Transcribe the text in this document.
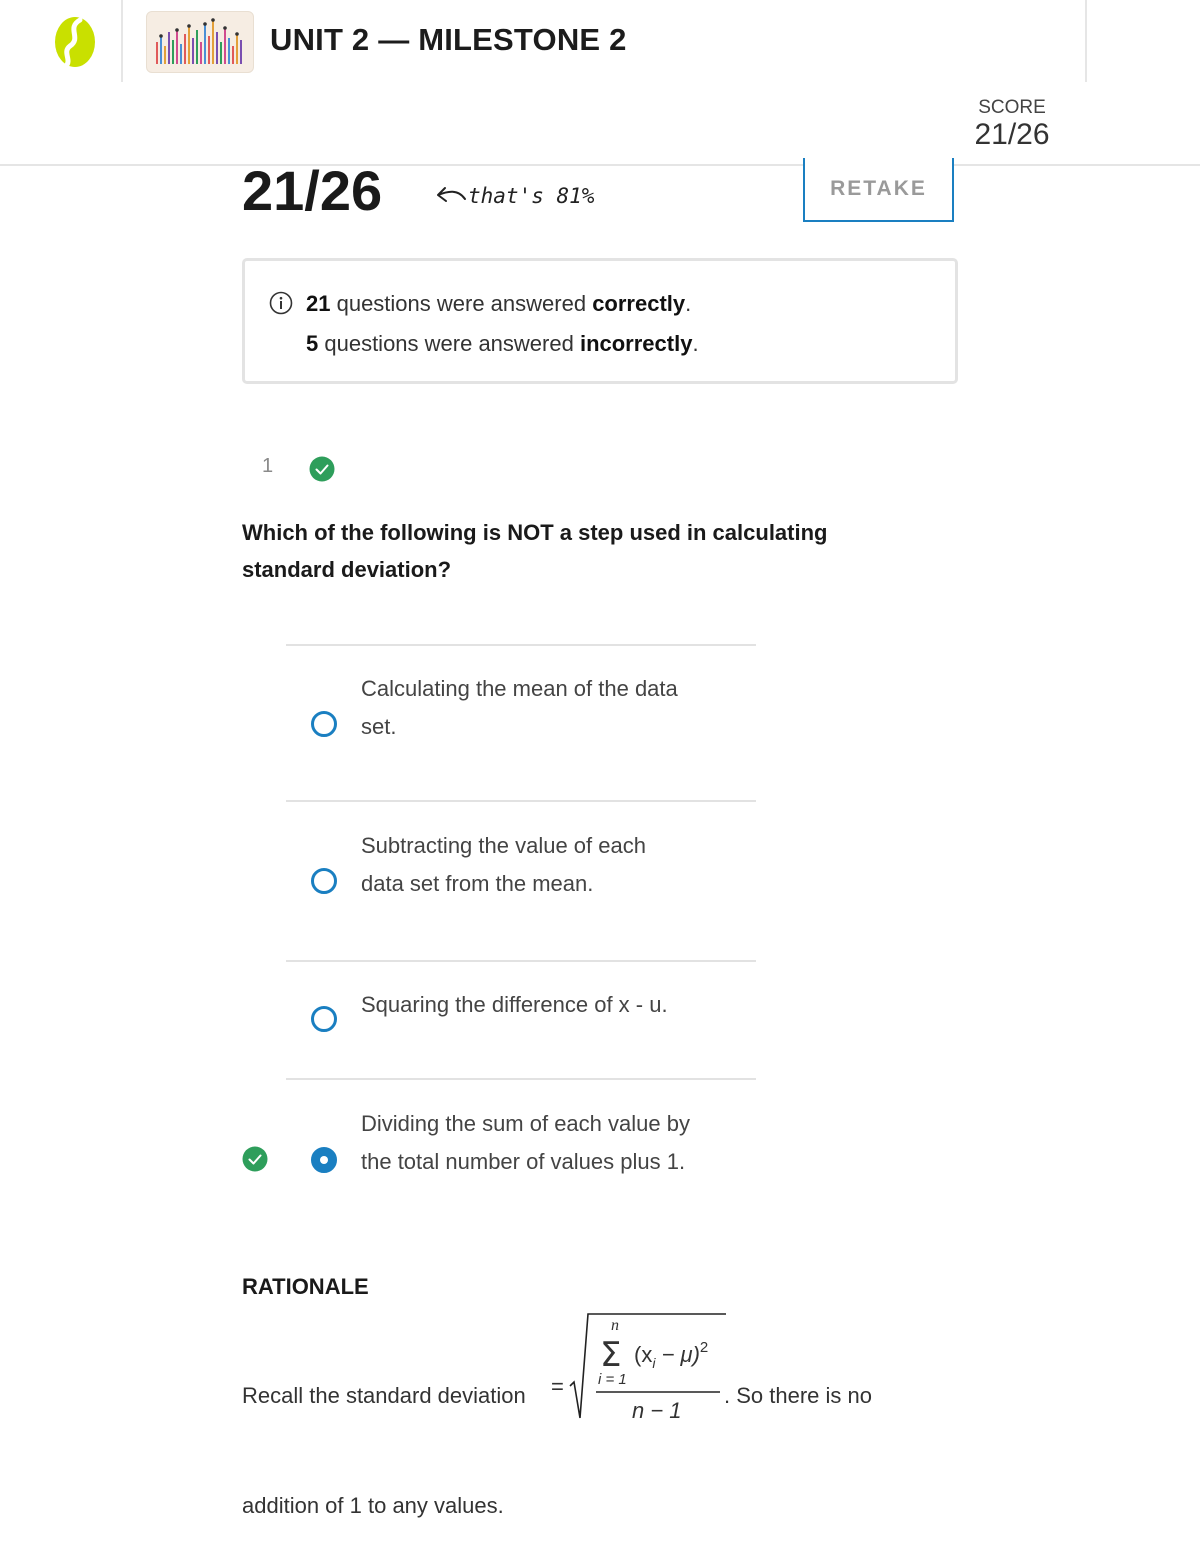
UNIT 2 — MILESTONE 2
SCORE
21/26
21/26	that's 81%	RETAKE
21 questions were answered correctly.
5 questions were answered incorrectly.
1
Which of the following is NOT a step used in calculating standard deviation?
Calculating the mean of the data
set.
Subtracting the value of each
data set from the mean.
Squaring the difference of x - u.
Dividing the sum of each value by
the total number of values plus 1.
RATIONALE
Recall the standard deviation =
n
Σ
i = 1
$(x_i - \mu)^2$
n − 1
. So there is no
addition of 1 to any values.
